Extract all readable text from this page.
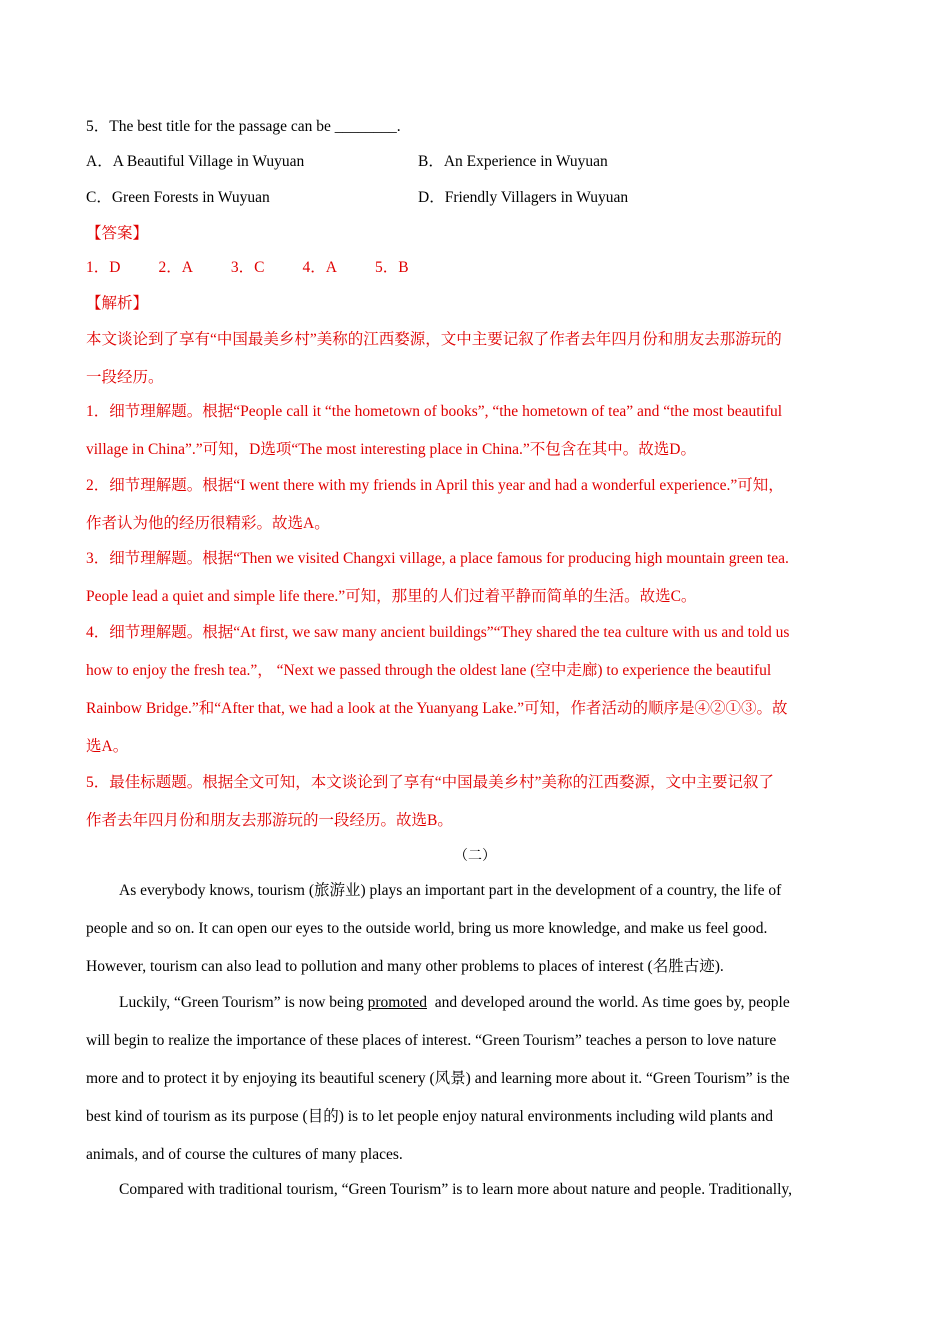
5．The best title for the passage can be ________.
A．A Beautiful Village in Wuyuan	B．An Experience in Wuyuan
C．Green Forests in Wuyuan	D．Friendly Villagers in Wuyuan
【答案】
1．D 2．A 3．C 4．A 5．B
【解析】
本文谈论到了享有“中国最美乡村”美称的江西婺源，文中主要记叙了作者去年四月份和朋友去那游玩的
一段经历。
1．细节理解题。根据“People call it “the hometown of books”, “the hometown of tea” and “the most beautiful
village in China”.”可知，D选项“The most interesting place in China.”不包含在其中。故选D。
2．细节理解题。根据“I went there with my friends in April this year and had a wonderful experience.”可知，
作者认为他的经历很精彩。故选A。
3．细节理解题。根据“Then we visited Changxi village, a place famous for producing high mountain green tea.
People lead a quiet and simple life there.”可知，那里的人们过着平静而简单的生活。故选C。
4．细节理解题。根据“At first, we saw many ancient buildings”“They shared the tea culture with us and told us
how to enjoy the fresh tea.”， “Next we passed through the oldest lane (空中走廊) to experience the beautiful
Rainbow Bridge.”和“After that, we had a look at the Yuanyang Lake.”可知，作者活动的顺序是④②①③。故
选A。
5．最佳标题题。根据全文可知，本文谈论到了享有“中国最美乡村”美称的江西婺源，文中主要记叙了
作者去年四月份和朋友去那游玩的一段经历。故选B。
（二）
As everybody knows, tourism (旅游业) plays an important part in the development of a country, the life of
people and so on. It can open our eyes to the outside world, bring us more knowledge, and make us feel good.
However, tourism can also lead to pollution and many other problems to places of interest (名胜古迹).
Luckily, “Green Tourism” is now being promoted  and developed around the world. As time goes by, people
will begin to realize the importance of these places of interest. “Green Tourism” teaches a person to love nature
more and to protect it by enjoying its beautiful scenery (风景) and learning more about it. “Green Tourism” is the
best kind of tourism as its purpose (目的) is to let people enjoy natural environments including wild plants and
animals, and of course the cultures of many places.
Compared with traditional tourism, “Green Tourism” is to learn more about nature and people. Traditionally,
